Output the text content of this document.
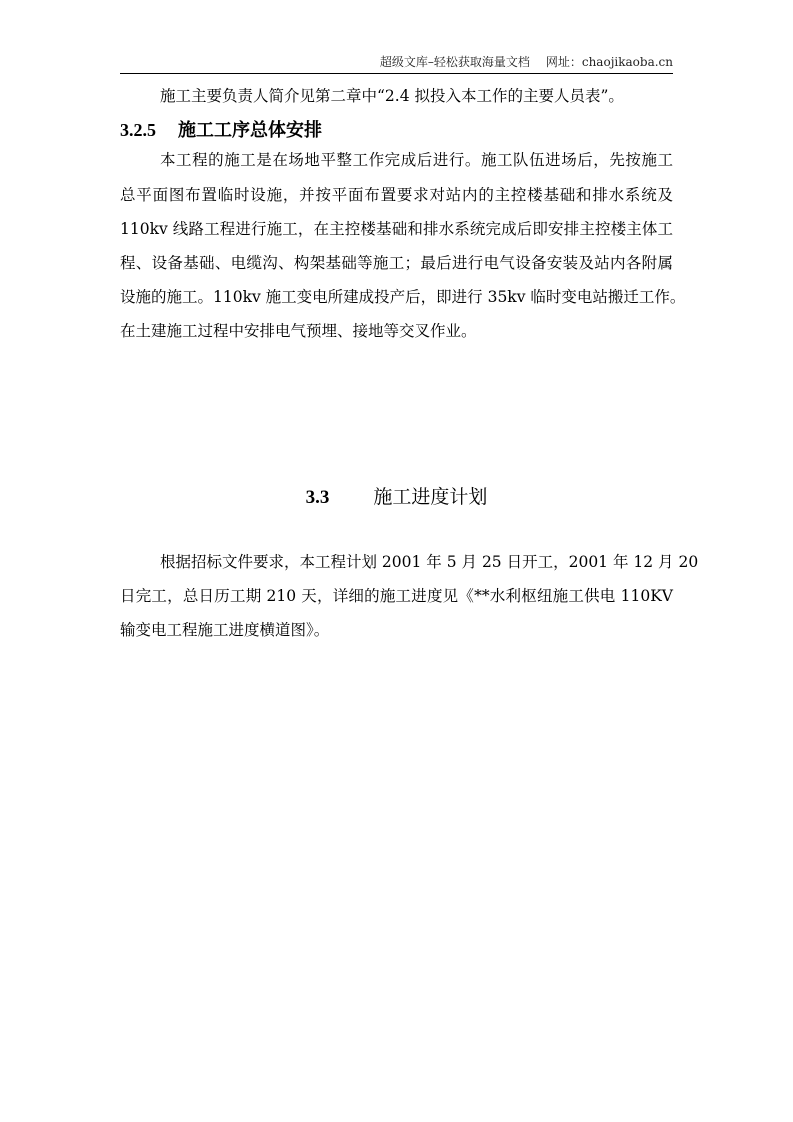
超级文库–轻松获取海量文档 网址：chaojikaoba.cn
施工主要负责人简介见第二章中“2.4 拟投入本工作的主要人员表”。
3.2.5 施工工序总体安排
本工程的施工是在场地平整工作完成后进行。施工队伍进场后，先按施工
总平面图布置临时设施，并按平面布置要求对站内的主控楼基础和排水系统及
110kv 线路工程进行施工，在主控楼基础和排水系统完成后即安排主控楼主体工
程、设备基础、电缆沟、构架基础等施工；最后进行电气设备安装及站内各附属
设施的施工。110kv 施工变电所建成投产后，即进行 35kv 临时变电站搬迁工作。
在土建施工过程中安排电气预埋、接地等交叉作业。
3.3 施工进度计划
根据招标文件要求，本工程计划 2001 年 5 月 25 日开工，2001 年 12 月 20
日完工，总日历工期 210 天，详细的施工进度见《**水利枢纽施工供电 110KV
输变电工程施工进度横道图》。
